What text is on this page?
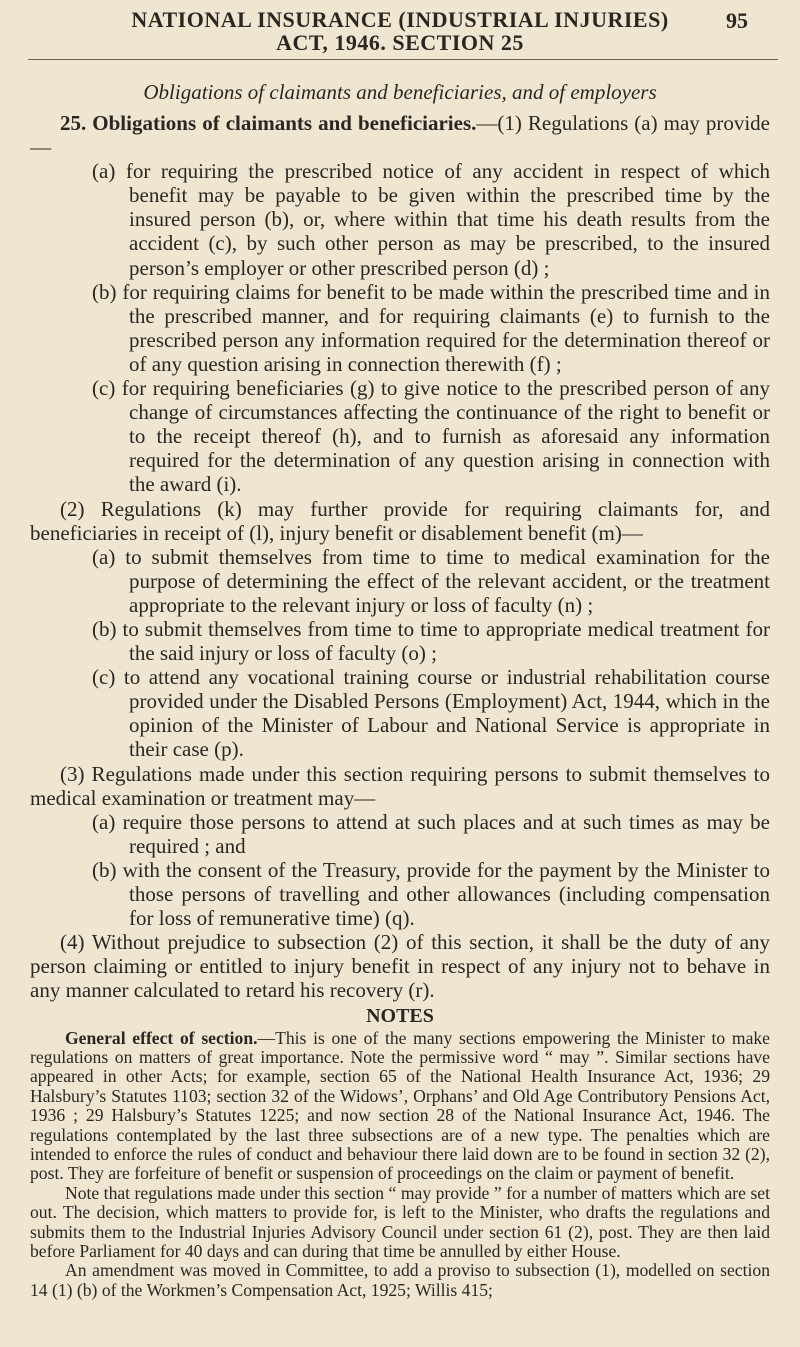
NATIONAL INSURANCE (INDUSTRIAL INJURIES)
ACT, 1946. SECTION 25
95
Obligations of claimants and beneficiaries, and of employers

25. Obligations of claimants and beneficiaries.—(1) Regulations (a) may provide—

(a) for requiring the prescribed notice of any accident in respect of which benefit may be payable to be given within the prescribed time by the insured person (b), or, where within that time his death results from the accident (c), by such other person as may be prescribed, to the insured person’s employer or other prescribed person (d) ;

(b) for requiring claims for benefit to be made within the prescribed time and in the prescribed manner, and for requiring claimants (e) to furnish to the prescribed person any information required for the determination thereof or of any question arising in connection therewith (f) ;

(c) for requiring beneficiaries (g) to give notice to the prescribed person of any change of circumstances affecting the continuance of the right to benefit or to the receipt thereof (h), and to furnish as aforesaid any information required for the determination of any question arising in connection with the award (i).

(2) Regulations (k) may further provide for requiring claimants for, and beneficiaries in receipt of (l), injury benefit or disablement benefit (m)—

(a) to submit themselves from time to time to medical examination for the purpose of determining the effect of the relevant accident, or the treatment appropriate to the relevant injury or loss of faculty (n) ;

(b) to submit themselves from time to time to appropriate medical treatment for the said injury or loss of faculty (o) ;

(c) to attend any vocational training course or industrial rehabilitation course provided under the Disabled Persons (Employment) Act, 1944, which in the opinion of the Minister of Labour and National Service is appropriate in their case (p).

(3) Regulations made under this section requiring persons to submit themselves to medical examination or treatment may—

(a) require those persons to attend at such places and at such times as may be required ; and

(b) with the consent of the Treasury, provide for the payment by the Minister to those persons of travelling and other allowances (including compensation for loss of remunerative time) (q).

(4) Without prejudice to subsection (2) of this section, it shall be the duty of any person claiming or entitled to injury benefit in respect of any injury not to behave in any manner calculated to retard his recovery (r).

NOTES

General effect of section.—This is one of the many sections empowering the Minister to make regulations on matters of great importance. Note the permissive word “ may ”. Similar sections have appeared in other Acts; for example, section 65 of the National Health Insurance Act, 1936; 29 Halsbury’s Statutes 1103; section 32 of the Widows’, Orphans’ and Old Age Contributory Pensions Act, 1936 ; 29 Halsbury’s Statutes 1225; and now section 28 of the National Insurance Act, 1946. The regulations contemplated by the last three subsections are of a new type. The penalties which are intended to enforce the rules of conduct and behaviour there laid down are to be found in section 32 (2), post. They are forfeiture of benefit or suspension of proceedings on the claim or payment of benefit.

Note that regulations made under this section “ may provide ” for a number of matters which are set out. The decision, which matters to provide for, is left to the Minister, who drafts the regulations and submits them to the Industrial Injuries Advisory Council under section 61 (2), post. They are then laid before Parliament for 40 days and can during that time be annulled by either House.

An amendment was moved in Committee, to add a proviso to subsection (1), modelled on section 14 (1) (b) of the Workmen’s Compensation Act, 1925; Willis 415;
